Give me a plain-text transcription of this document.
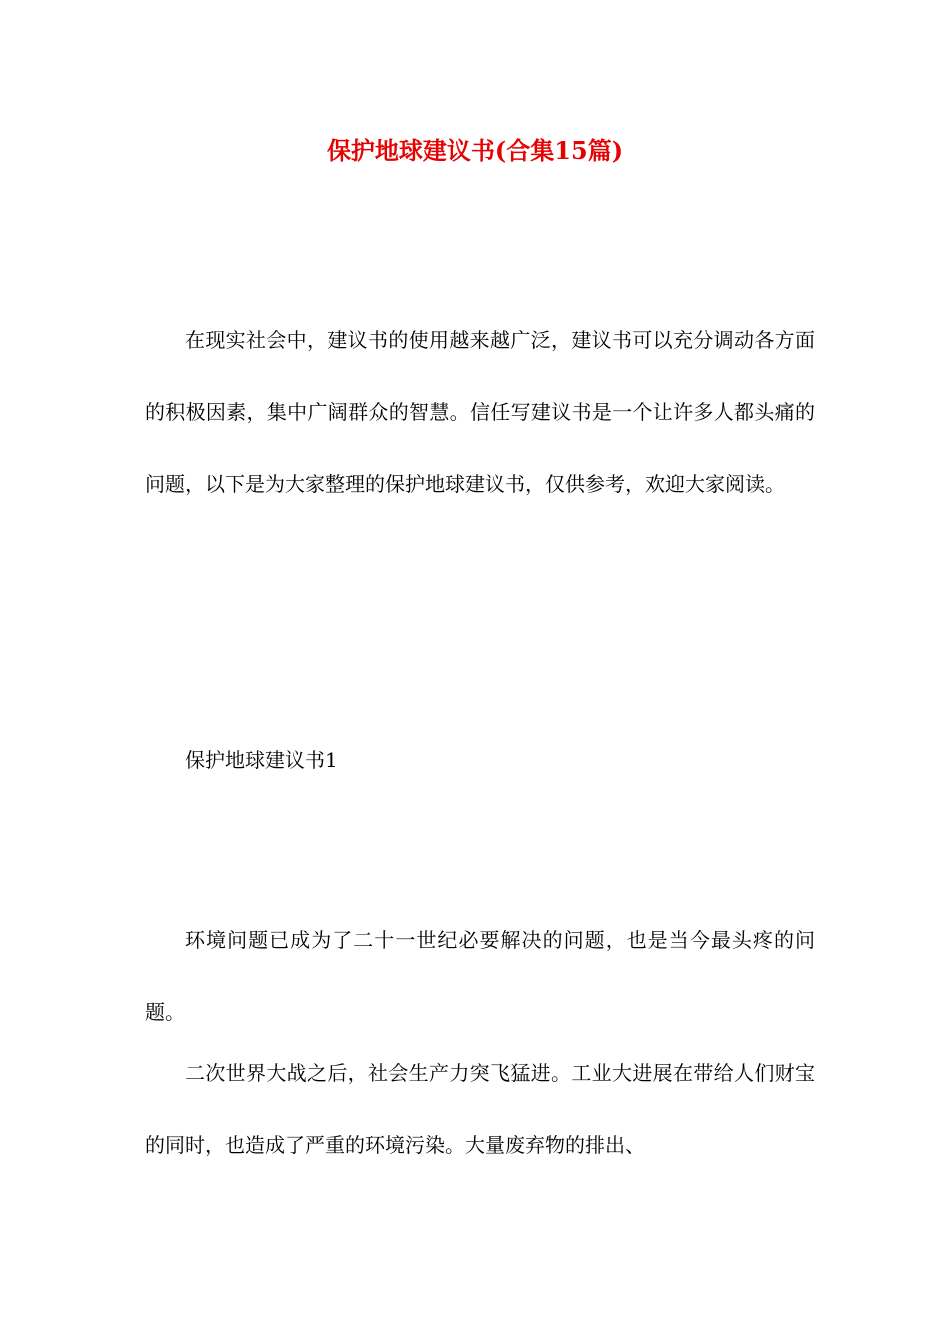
保护地球建议书(合集15篇)

在现实社会中，建议书的使用越来越广泛，建议书可以充分调动各方面的积极因素，集中广阔群众的智慧。信任写建议书是一个让许多人都头痛的问题，以下是为大家整理的保护地球建议书，仅供参考，欢迎大家阅读。

保护地球建议书1

环境问题已成为了二十一世纪必要解决的问题，也是当今最头疼的问题。

二次世界大战之后，社会生产力突飞猛进。工业大进展在带给人们财宝的同时，也造成了严重的环境污染。大量废弃物的排出、
